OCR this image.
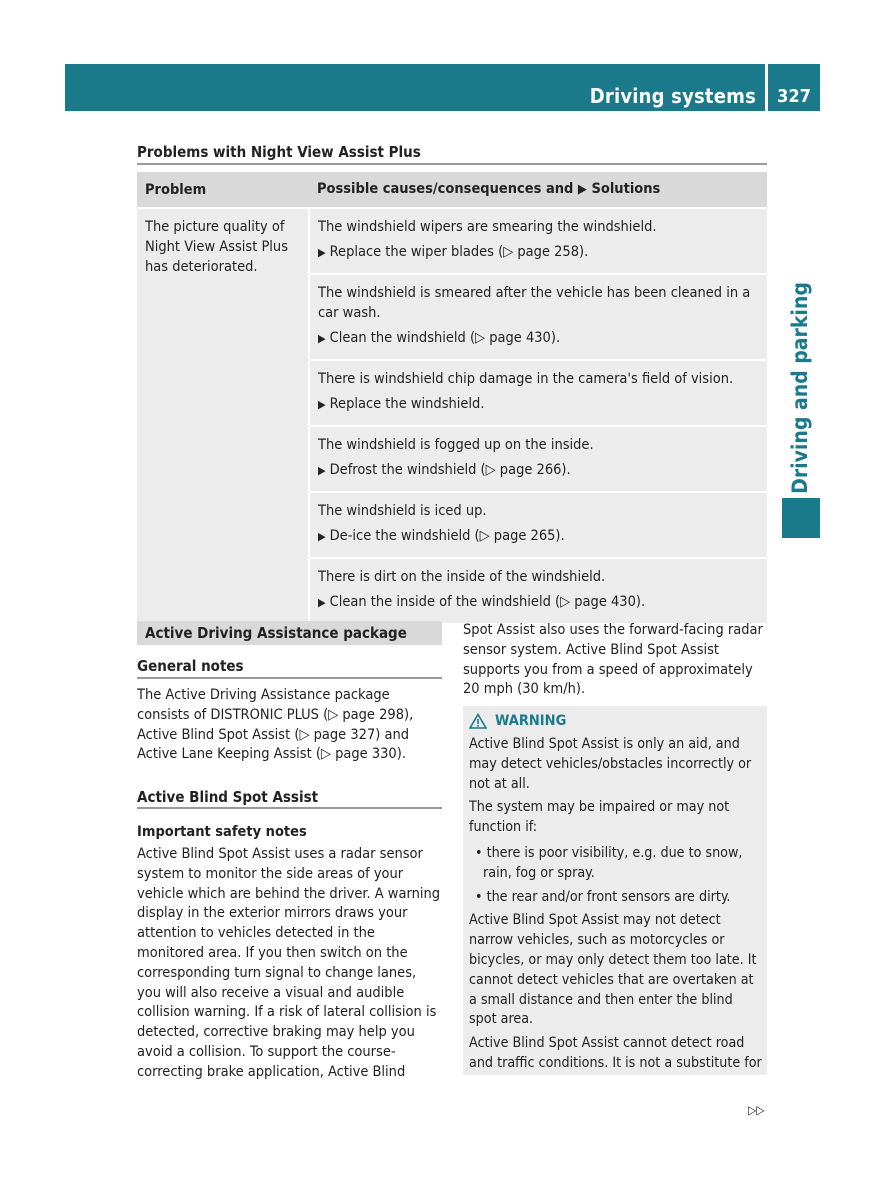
Driving systems	327
Driving and parking
Problems with Night View Assist Plus
Problem	Possible causes/consequences and ▶ Solutions
The picture quality of Night View Assist Plus has deteriorated.	The windshield wipers are smearing the windshield.
▶ Replace the wiper blades (▷ page 258).

	The windshield is smeared after the vehicle has been cleaned in a car wash.
▶ Clean the windshield (▷ page 430).

	There is windshield chip damage in the camera's field of vision.
▶ Replace the windshield.

	The windshield is fogged up on the inside.
▶ Defrost the windshield (▷ page 266).

	The windshield is iced up.
▶ De-ice the windshield (▷ page 265).

	There is dirt on the inside of the windshield.
▶ Clean the inside of the windshield (▷ page 430).
Active Driving Assistance package
General notes
The Active Driving Assistance package consists of DISTRONIC PLUS (▷ page 298), Active Blind Spot Assist (▷ page 327) and Active Lane Keeping Assist (▷ page 330).
Active Blind Spot Assist
Important safety notes
Active Blind Spot Assist uses a radar sensor system to monitor the side areas of your vehicle which are behind the driver. A warning display in the exterior mirrors draws your attention to vehicles detected in the monitored area. If you then switch on the corresponding turn signal to change lanes, you will also receive a visual and audible collision warning. If a risk of lateral collision is detected, corrective braking may help you avoid a collision. To support the course-correcting brake application, Active Blind
Spot Assist also uses the forward-facing radar sensor system. Active Blind Spot Assist supports you from a speed of approximately 20 mph (30 km/h).
WARNING
Active Blind Spot Assist is only an aid, and may detect vehicles/obstacles incorrectly or not at all.
The system may be impaired or may not function if:
• there is poor visibility, e.g. due to snow, rain, fog or spray.
• the rear and/or front sensors are dirty.
Active Blind Spot Assist may not detect narrow vehicles, such as motorcycles or bicycles, or may only detect them too late. It cannot detect vehicles that are overtaken at a small distance and then enter the blind spot area.
Active Blind Spot Assist cannot detect road and traffic conditions. It is not a substitute for
▷▷
